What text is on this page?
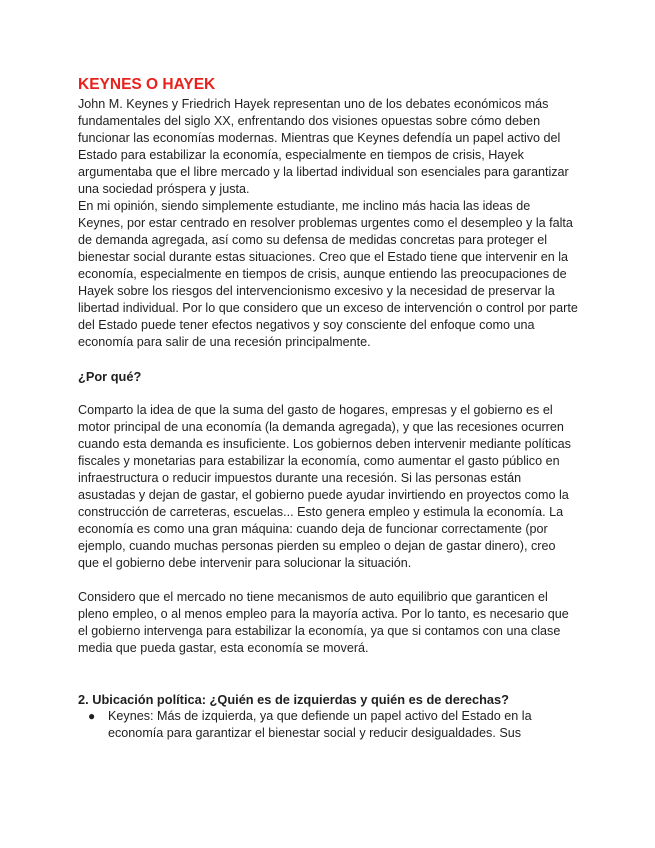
KEYNES O HAYEK

John M. Keynes y Friedrich Hayek representan uno de los debates económicos más fundamentales del siglo XX, enfrentando dos visiones opuestas sobre cómo deben funcionar las economías modernas. Mientras que Keynes defendía un papel activo del Estado para estabilizar la economía, especialmente en tiempos de crisis, Hayek argumentaba que el libre mercado y la libertad individual son esenciales para garantizar una sociedad próspera y justa.

En mi opinión, siendo simplemente estudiante, me inclino más hacia las ideas de Keynes, por estar centrado en resolver problemas urgentes como el desempleo y la falta de demanda agregada, así como su defensa de medidas concretas para proteger el bienestar social durante estas situaciones. Creo que el Estado tiene que intervenir en la economía, especialmente en tiempos de crisis, aunque entiendo las preocupaciones de Hayek sobre los riesgos del intervencionismo excesivo y la necesidad de preservar la libertad individual. Por lo que considero que un exceso de intervención o control por parte del Estado puede tener efectos negativos y soy consciente del enfoque como una economía para salir de una recesión principalmente.

¿Por qué?

Comparto la idea de que la suma del gasto de hogares, empresas y el gobierno es el motor principal de una economía (la demanda agregada), y que las recesiones ocurren cuando esta demanda es insuficiente. Los gobiernos deben intervenir mediante políticas fiscales y monetarias para estabilizar la economía, como aumentar el gasto público en infraestructura o reducir impuestos durante una recesión. Si las personas están asustadas y dejan de gastar, el gobierno puede ayudar invirtiendo en proyectos como la construcción de carreteras, escuelas... Esto genera empleo y estimula la economía. La economía es como una gran máquina: cuando deja de funcionar correctamente (por ejemplo, cuando muchas personas pierden su empleo o dejan de gastar dinero), creo que el gobierno debe intervenir para solucionar la situación.

Considero que el mercado no tiene mecanismos de auto equilibrio que garanticen el pleno empleo, o al menos empleo para la mayoría activa. Por lo tanto, es necesario que el gobierno intervenga para estabilizar la economía, ya que si contamos con una clase media que pueda gastar, esta economía se moverá.

2. Ubicación política: ¿Quién es de izquierdas y quién es de derechas?

● Keynes: Más de izquierda, ya que defiende un papel activo del Estado en la economía para garantizar el bienestar social y reducir desigualdades. Sus
